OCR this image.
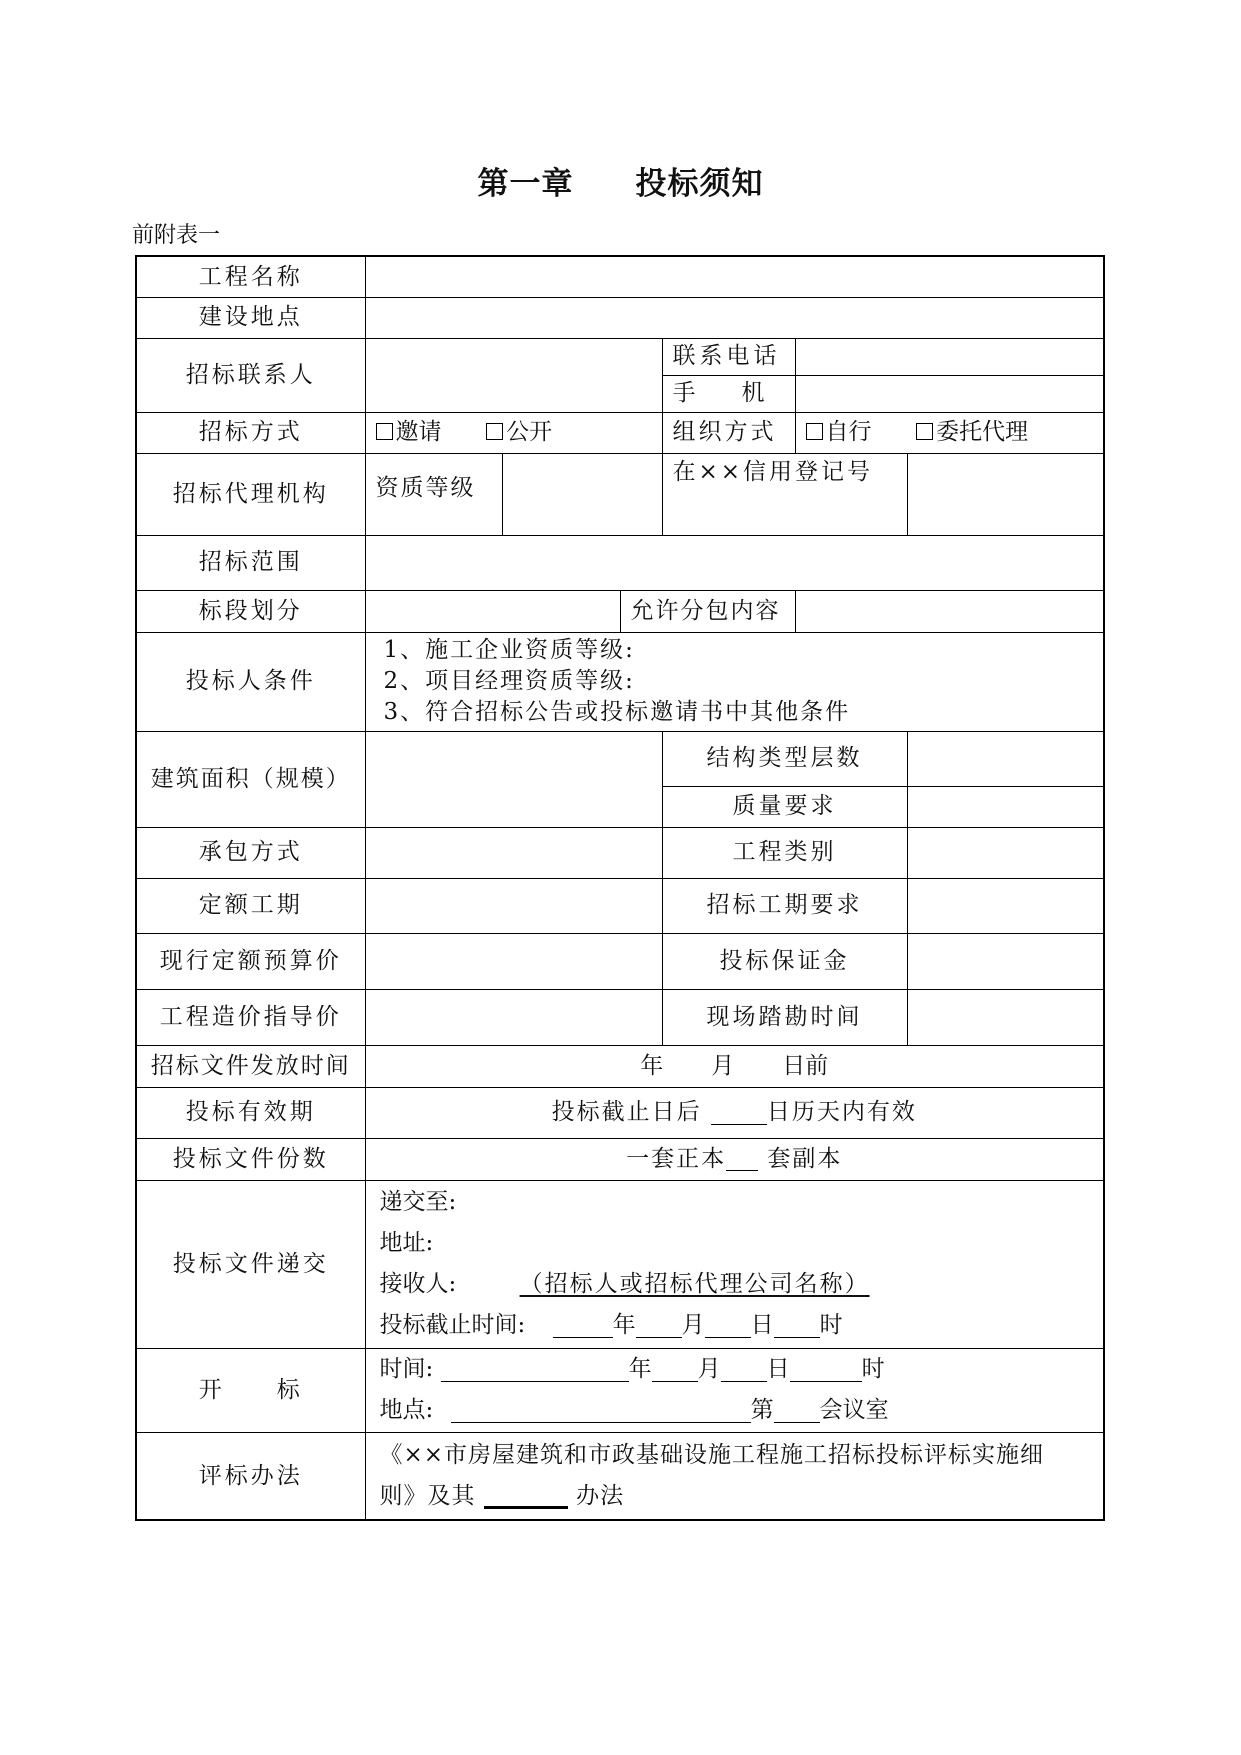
第一章 投标须知
前附表一
工程名称						
建设地点						
招标联系人				联系电话		
				手　　机		
招标方式	邀请 公开			组织方式	自行 委托代理	
招标代理机构	资质等级			在××信用登记号		
招标范围						
标段划分			允许分包内容			
投标人条件	1、施工企业资质等级:
2、项目经理资质等级:
3、符合招标公告或投标邀请书中其他条件					

建筑面积（规模）				结构类型层数		
				质量要求		
承包方式				工程类别		
定额工期				招标工期要求		
现行定额预算价				投标保证金		
工程造价指导价				现场踏勘时间		
招标文件发放时间	年 月 日前					
投标有效期	投标截止日后 日历天内有效					
投标文件份数	一套正本 套副本					
投标文件递交	递交至:
地址:
接收人: （招标人或招标代理公司名称）
投标截止时间: 年 月 日 时					

开　　标	时间: 年 月 日 时
地点: 第 会议室					

评标办法	《××市房屋建筑和市政基础设施工程施工招标投标评标实施细
则》及其 办法					
